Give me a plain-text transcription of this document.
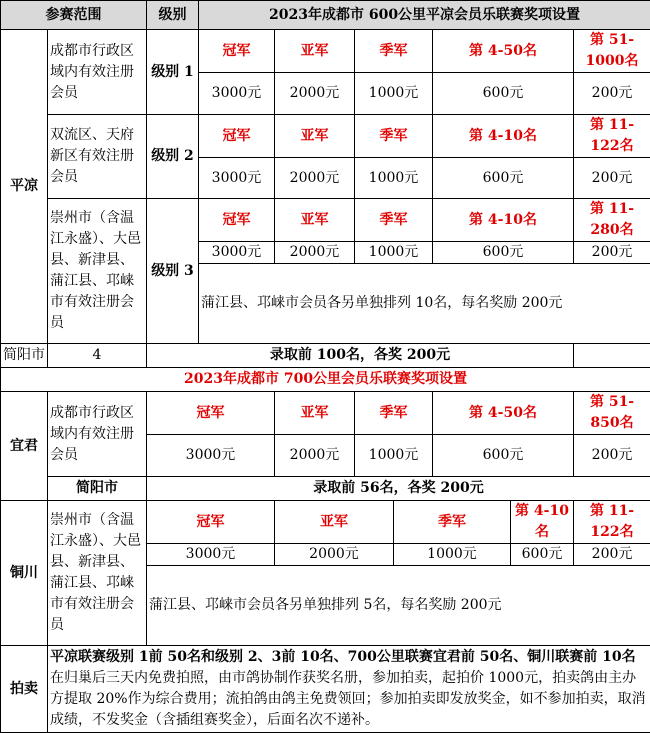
参赛范围		级别	2023年成都市 600公里平凉会员乐联赛奖项设置						
平凉	成都市行政区域内有效注册会员	级别 1	冠军	亚军	季军		第 4-50名		第 51-1000名
			3000元	2000元	1000元		600元		200元
	双流区、天府新区有效注册会员	级别 2	冠军	亚军	季军		第 4-10名		第 11-122名
			3000元	2000元	1000元		600元		200元
	崇州市（含温江永盛）、大邑县、新津县、蒲江县、邛崃市有效注册会员	级别 3	冠军	亚军	季军		第 4-10名		第 11-280名
			3000元	2000元	1000元		600元		200元
			蒲江县、邛崃市会员各另单独排列 10名，每名奖励 200元						
简阳市	4	录取前 100名，各奖 200元							
2023年成都市 700公里会员乐联赛奖项设置									
宜君	成都市行政区域内有效注册会员	冠军		亚军	季军		第 4-50名		第 51-850名
		3000元		2000元	1000元		600元		200元
	简阳市	录取前 56名，各奖 200元							
铜川	崇州市（含温江永盛）、大邑县、新津县、蒲江县、邛崃市有效注册会员	冠军		亚军		季军		第 4-10名	第 11-122名
		3000元		2000元		1000元		600元	200元
		蒲江县、邛崃市会员各另单独排列 5名，每名奖励 200元							
拍卖	平凉联赛级别 1前 50名和级别 2、3前 10名、700公里联赛宜君前 50名、铜川联赛前 10名在归巢后三天内免费拍照，由市鸽协制作获奖名册，参加拍卖，起拍价 1000元，拍卖鸽由主办方提取 20%作为综合费用；流拍鸽由鸽主免费领回；参加拍卖即发放奖金，如不参加拍卖，取消成绩，不发奖金（含插组赛奖金），后面名次不递补。								
